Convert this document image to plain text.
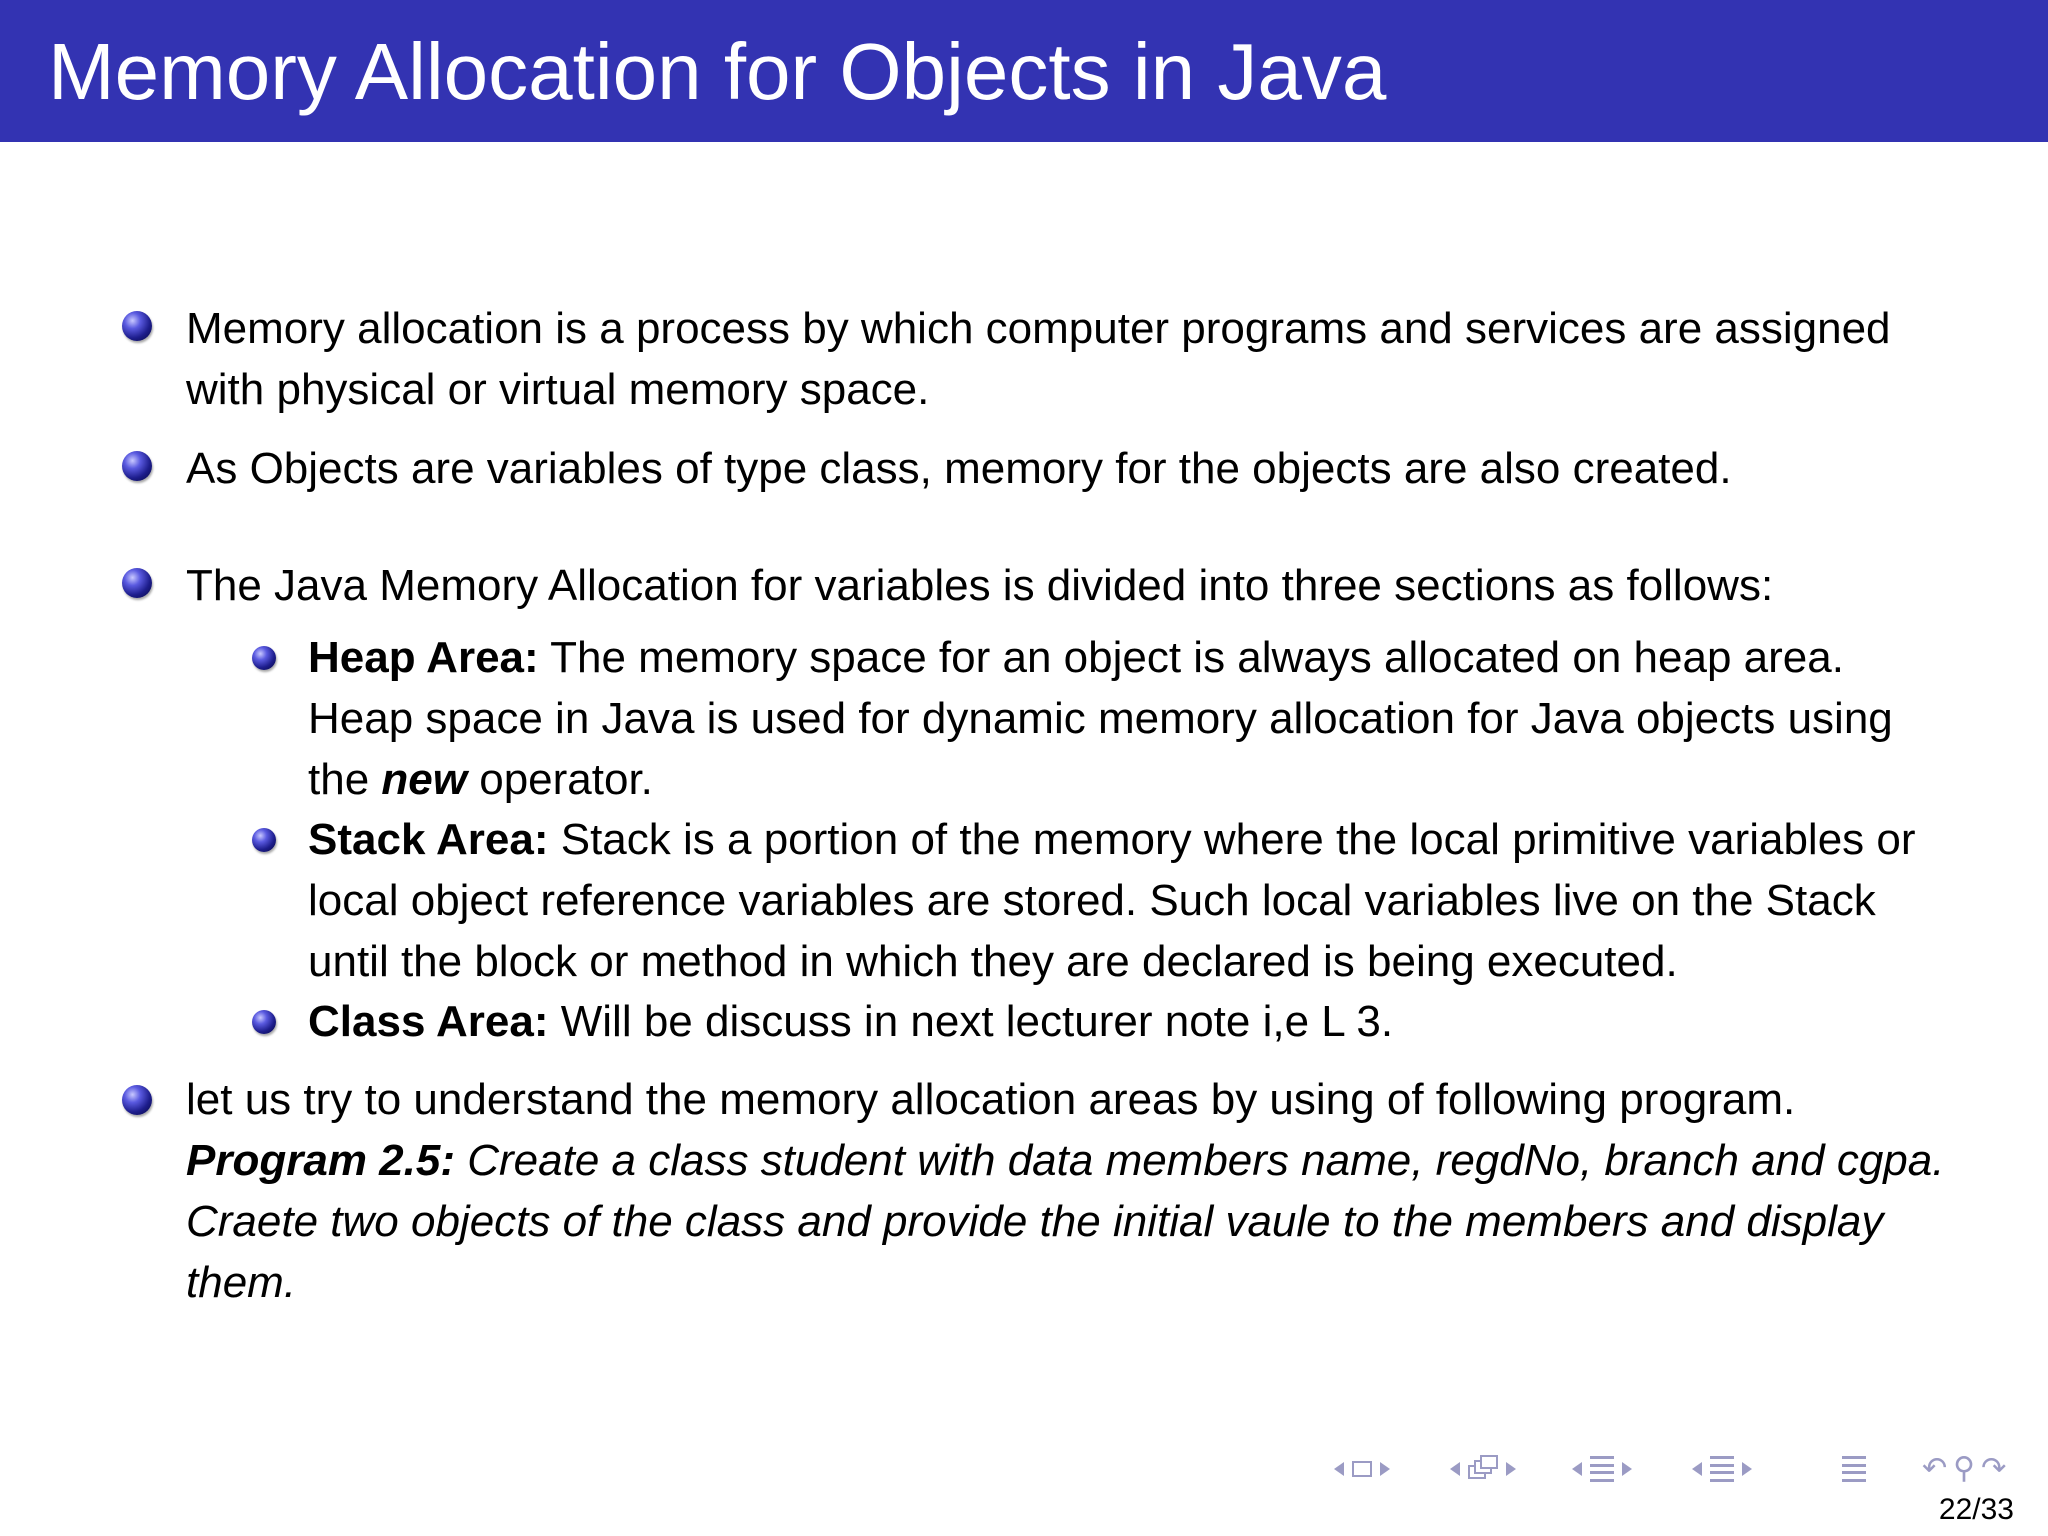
Memory Allocation for Objects in Java
Memory allocation is a process by which computer programs and services are assigned
with physical or virtual memory space.
As Objects are variables of type class, memory for the objects are also created.
The Java Memory Allocation for variables is divided into three sections as follows:
Heap Area: The memory space for an object is always allocated on heap area.
Heap space in Java is used for dynamic memory allocation for Java objects using
the new operator.
Stack Area: Stack is a portion of the memory where the local primitive variables or
local object reference variables are stored. Such local variables live on the Stack
until the block or method in which they are declared is being executed.
Class Area: Will be discuss in next lecturer note i,e L 3.
let us try to understand the memory allocation areas by using of following program.
Program 2.5: Create a class student with data members name, regdNo, branch and cgpa.
Craete two objects of the class and provide the initial vaule to the members and display
them.
↶ ⚲ ↷
22/33
